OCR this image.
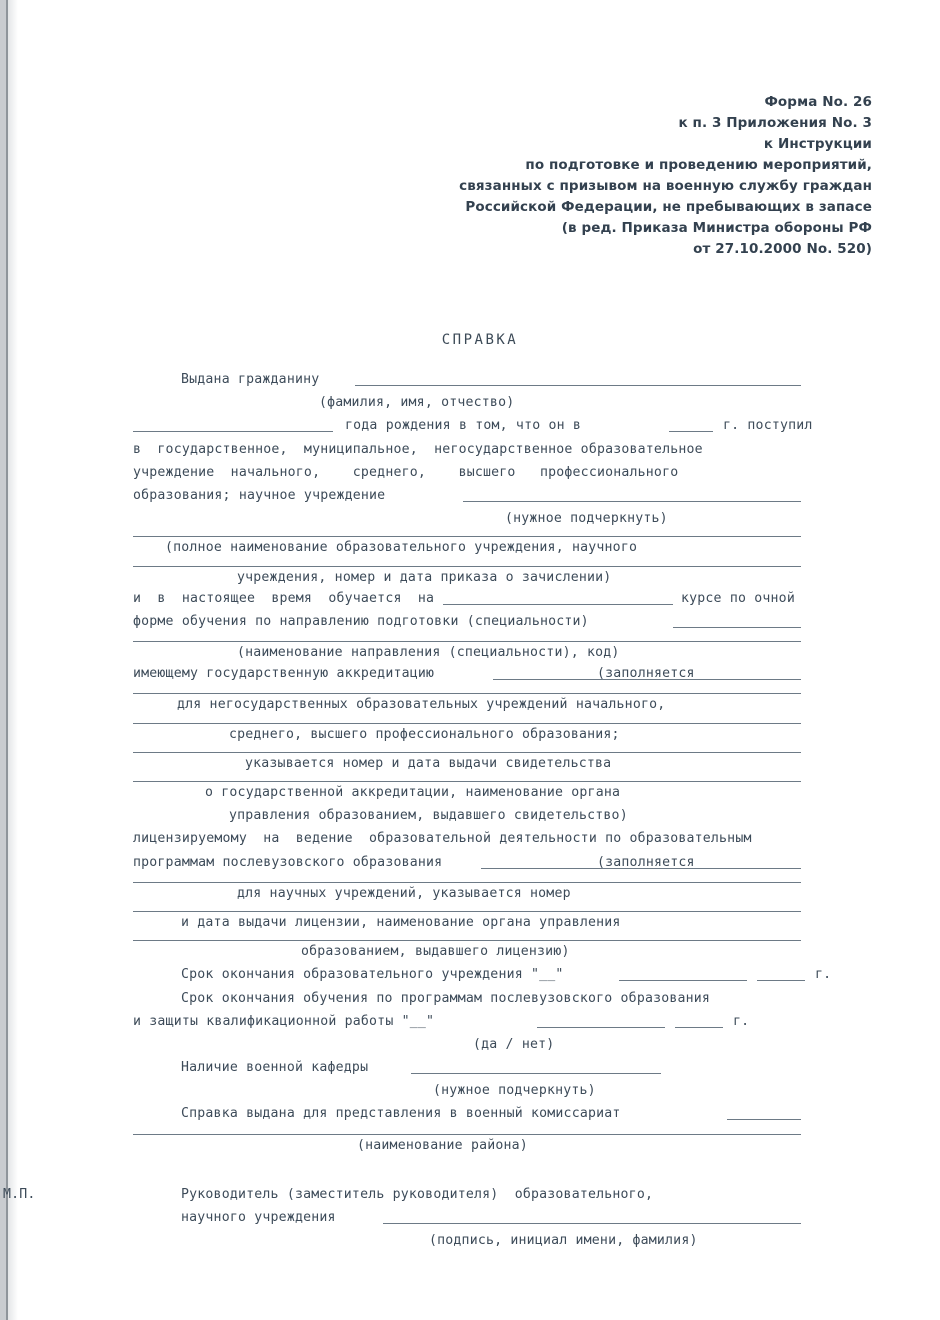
Форма No. 26
к п. 3 Приложения No. 3
к Инструкции
по подготовке и проведению мероприятий,
связанных с призывом на военную службу граждан
Российской Федерации, не пребывающих в запасе
(в ред. Приказа Министра обороны РФ
от 27.10.2000 No. 520)
СПРАВКА

Выдана гражданину

(фамилия, имя, отчество)

года рождения в том, что он в

	г. поступил

в  государственное,  муниципальное,  негосударственное образовательное

учреждение  начального,    среднего,    высшего   профессионального

образования; научное учреждение

(нужное подчеркнуть)

(полное наименование образовательного учреждения, научного

учреждения, номер и дата приказа о зачислении)

и  в  настоящее  время  обучается  на

	курсе по очной

форме обучения по направлению подготовки (специальности)

(наименование направления (специальности), код)

имеющему государственную аккредитацию

	(заполняется

для негосударственных образовательных учреждений начального,

среднего, высшего профессионального образования;

указывается номер и дата выдачи свидетельства

о государственной аккредитации, наименование органа

управления образованием, выдавшего свидетельство)

лицензируемому  на  ведение  образовательной деятельности по образовательным

программам послевузовского образования

	(заполняется

для научных учреждений, указывается номер

и дата выдачи лицензии, наименование органа управления

образованием, выдавшего лицензию)

Срок окончания образовательного учреждения "__"

	г.

Срок окончания обучения по программам послевузовского образования

и защиты квалификационной работы "__"

	г.

(да / нет)

Наличие военной кафедры

(нужное подчеркнуть)

Справка выдана для представления в военный комиссариат

(наименование района)

М.П.

	Руководитель (заместитель руководителя)  образовательного,

научного учреждения

(подпись, инициал имени, фамилия)
